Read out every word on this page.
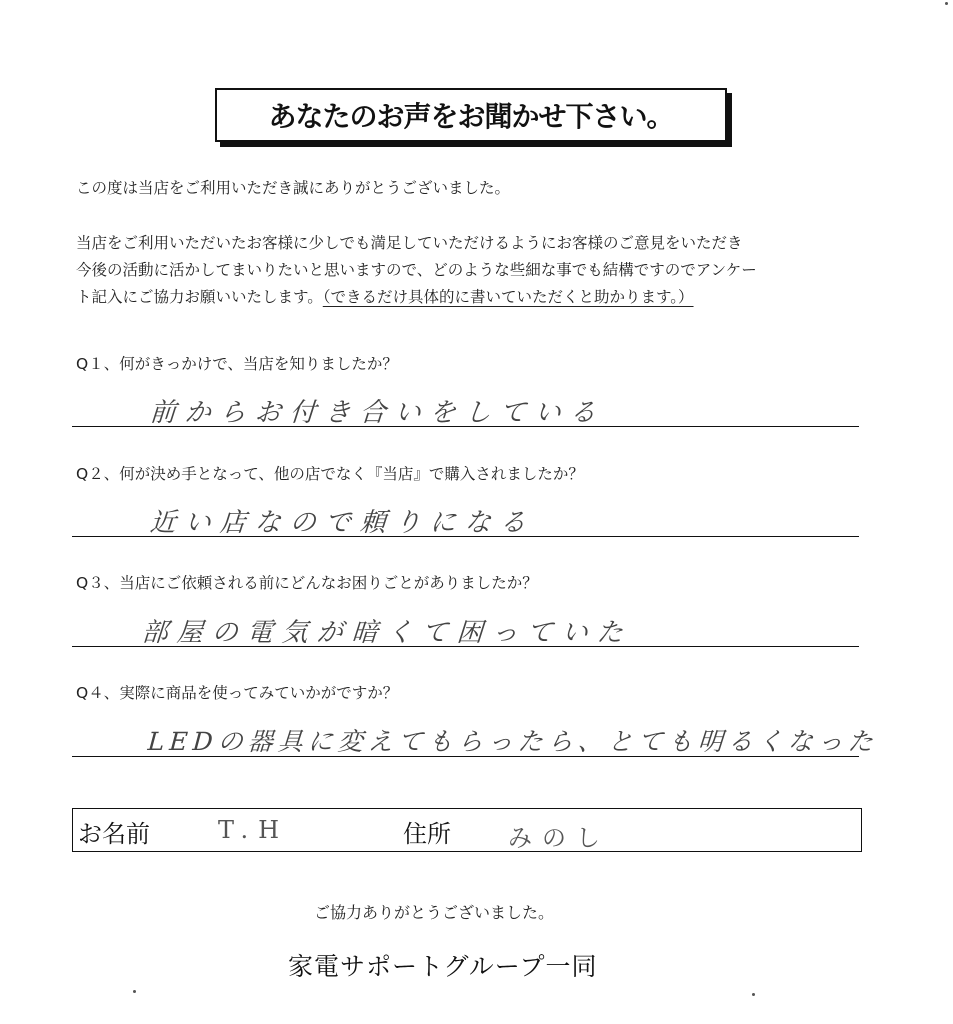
あなたのお声をお聞かせ下さい。
この度は当店をご利用いただき誠にありがとうございました。
当店をご利用いただいたお客様に少しでも満足していただけるようにお客様のご意見をいただき
今後の活動に活かしてまいりたいと思いますので、どのような些細な事でも結構ですのでアンケー
ト記入にご協力お願いいたします。（できるだけ具体的に書いていただくと助かります。）
Q１、何がきっかけで、当店を知りましたか？
前からお付き合いをしている
Q２、何が決め手となって、他の店でなく『当店』で購入されましたか？
近い店なので頼りになる
Q３、当店にご依頼される前にどんなお困りごとがありましたか？
部屋の電気が暗くて困っていた
Q４、実際に商品を使ってみていかがですか？
LEDの器具に変えてもらったら、とても明るくなった
お名前	T.H	住所 みのし
ご協力ありがとうございました。
家電サポートグループ一同
